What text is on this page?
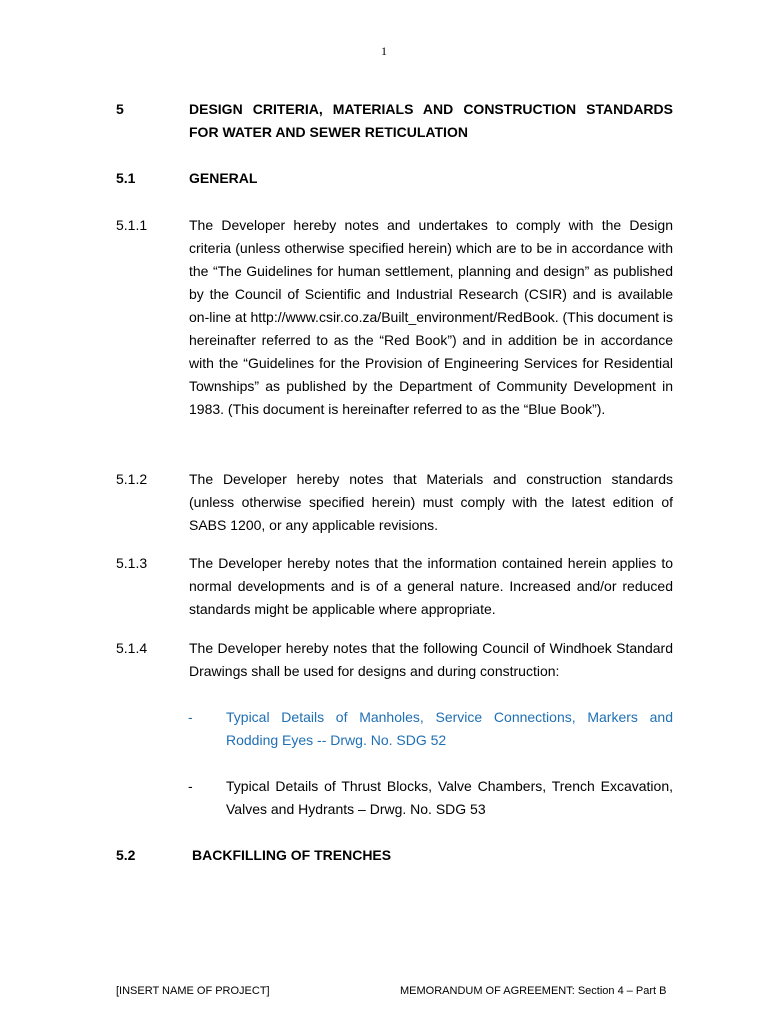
1
5	DESIGN CRITERIA, MATERIALS AND CONSTRUCTION STANDARDS FOR WATER AND SEWER RETICULATION
5.1	GENERAL
5.1.1	The Developer hereby notes and undertakes to comply with the Design criteria (unless otherwise specified herein) which are to be in accordance with the “The Guidelines for human settlement, planning and design” as published by the Council of Scientific and Industrial Research (CSIR) and is available on-line at http://www.csir.co.za/Built_environment/RedBook. (This document is hereinafter referred to as the “Red Book”) and in addition be in accordance with the “Guidelines for the Provision of Engineering Services for Residential Townships” as published by the Department of Community Development in 1983. (This document is hereinafter referred to as the “Blue Book”).
5.1.2	The Developer hereby notes that Materials and construction standards (unless otherwise specified herein) must comply with the latest edition of SABS 1200, or any applicable revisions.
5.1.3	The Developer hereby notes that the information contained herein applies to normal developments and is of a general nature. Increased and/or reduced standards might be applicable where appropriate.
5.1.4	The Developer hereby notes that the following Council of Windhoek Standard Drawings shall be used for designs and during construction:
- Typical Details of Manholes, Service Connections, Markers and Rodding Eyes -- Drwg. No. SDG 52
- Typical Details of Thrust Blocks, Valve Chambers, Trench Excavation, Valves and Hydrants – Drwg. No. SDG 53
5.2	BACKFILLING OF TRENCHES
[INSERT NAME OF PROJECT]	MEMORANDUM OF AGREEMENT: Section 4 – Part B
